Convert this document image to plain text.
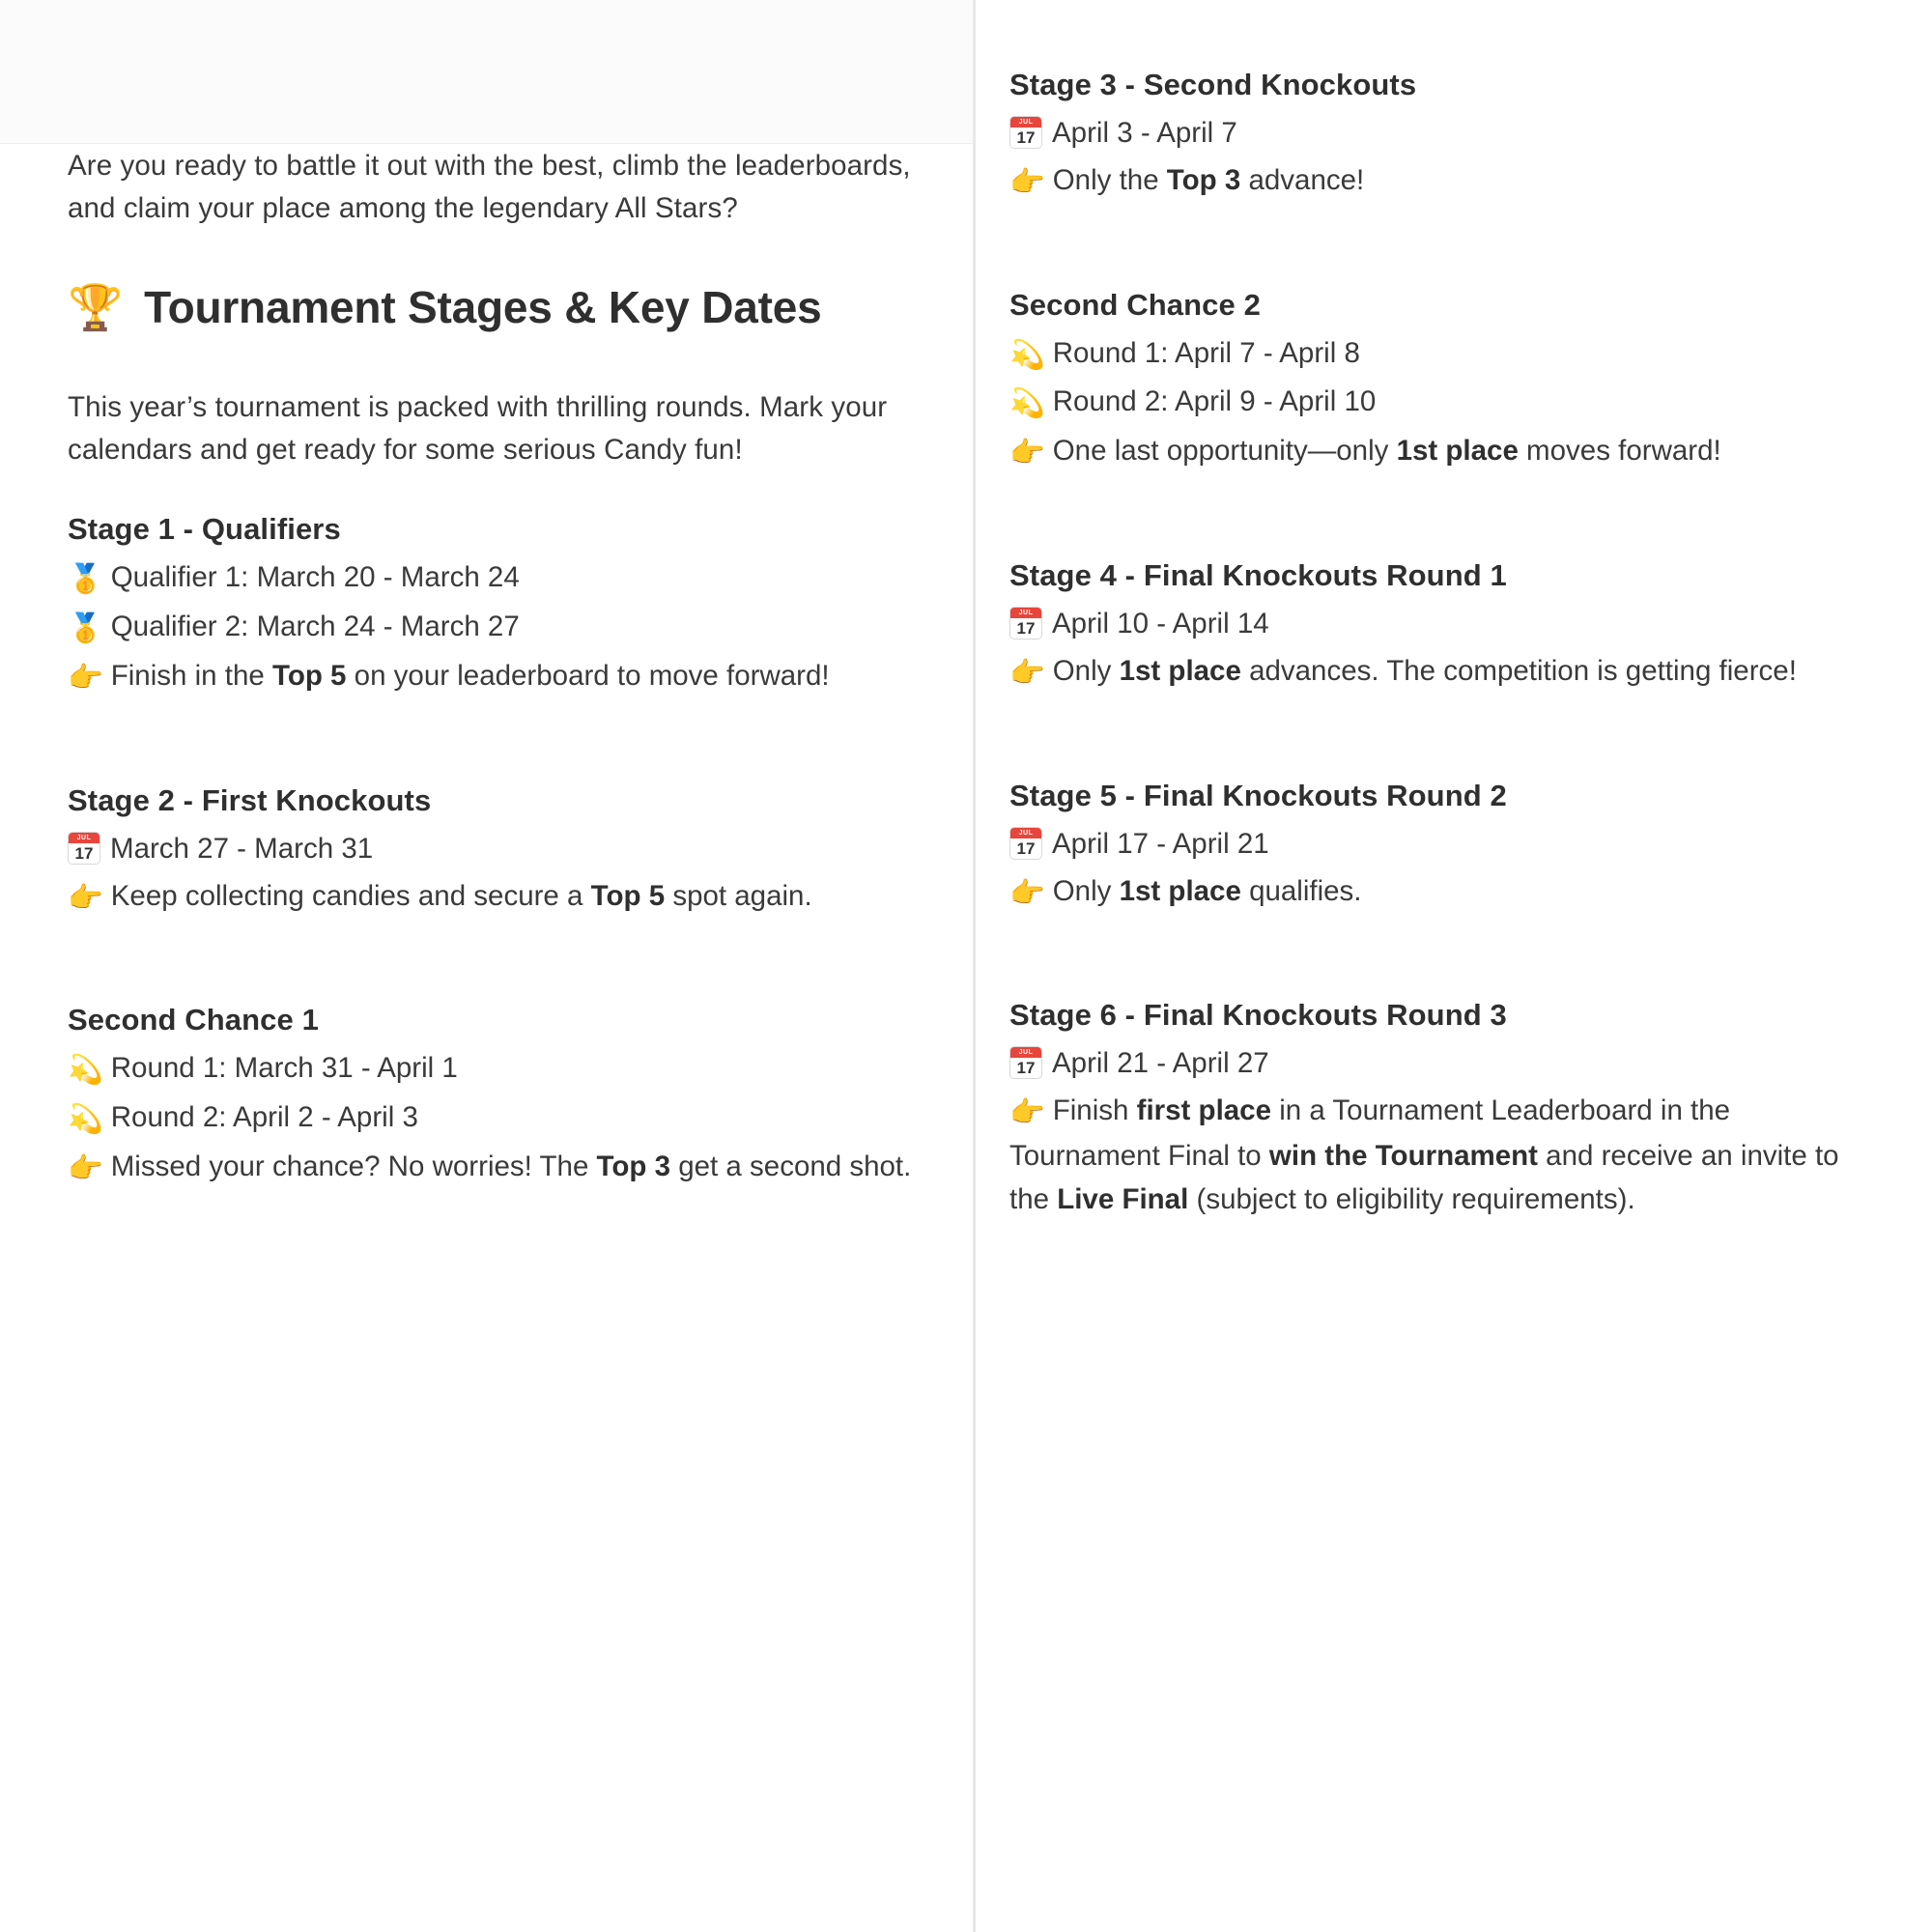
Are you ready to battle it out with the best, climb the leaderboards, and claim your place among the legendary All Stars?

🏆 Tournament Stages & Key Dates

This year’s tournament is packed with thrilling rounds. Mark your calendars and get ready for some serious Candy fun!

Stage 1 - Qualifiers

🥇 Qualifier 1: March 20 - March 24

🥇 Qualifier 2: March 24 - March 27

👉 Finish in the Top 5 on your leaderboard to move forward!

Stage 2 - First Knockouts

JUL
17 March 27 - March 31

👉 Keep collecting candies and secure a Top 5 spot again.

Second Chance 1

💫 Round 1: March 31 - April 1

💫 Round 2: April 2 - April 3

👉 Missed your chance? No worries! The Top 3 get a second shot.

Stage 3 - Second Knockouts

JUL
17 April 3 - April 7

👉 Only the Top 3 advance!

Second Chance 2

💫 Round 1: April 7 - April 8

💫 Round 2: April 9 - April 10

👉 One last opportunity—only 1st place moves forward!

Stage 4 - Final Knockouts Round 1

JUL
17 April 10 - April 14

👉 Only 1st place advances. The competition is getting fierce!

Stage 5 - Final Knockouts Round 2

JUL
17 April 17 - April 21

👉 Only 1st place qualifies.

Stage 6 - Final Knockouts Round 3

JUL
17 April 21 - April 27

👉 Finish first place in a Tournament Leaderboard in the Tournament Final to win the Tournament and receive an invite to the Live Final (subject to eligibility requirements).
